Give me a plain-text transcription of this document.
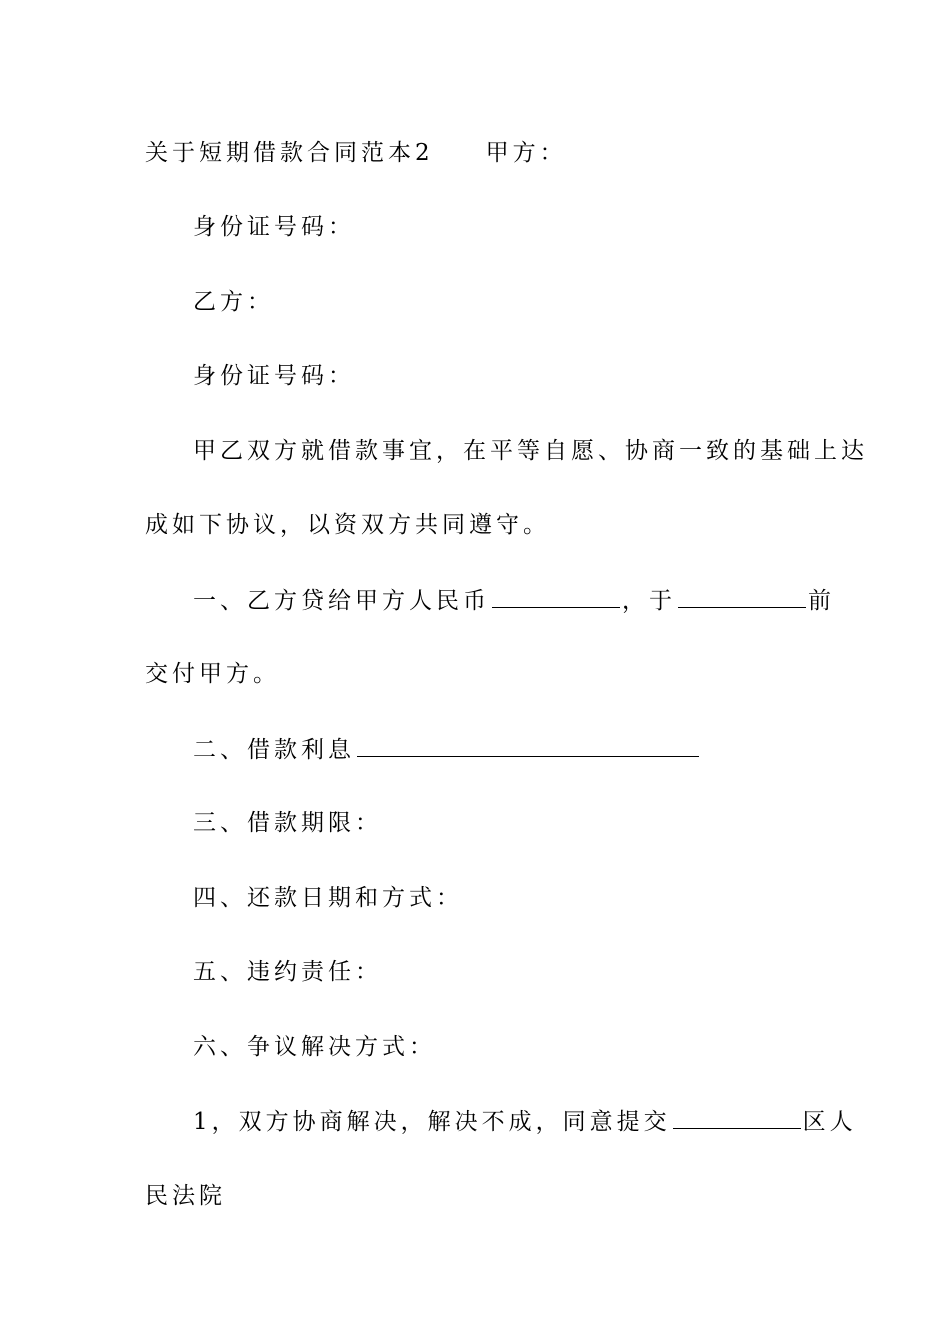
关于短期借款合同范本2 甲方：
身份证号码：
乙方：
身份证号码：
甲乙双方就借款事宜，在平等自愿、协商一致的基础上达
成如下协议，以资双方共同遵守。
一、乙方贷给甲方人民币	，于	前
交付甲方。
二、借款利息
三、借款期限：
四、还款日期和方式：
五、违约责任：
六、争议解决方式：
1，双方协商解决，解决不成，同意提交	区人
民法院
